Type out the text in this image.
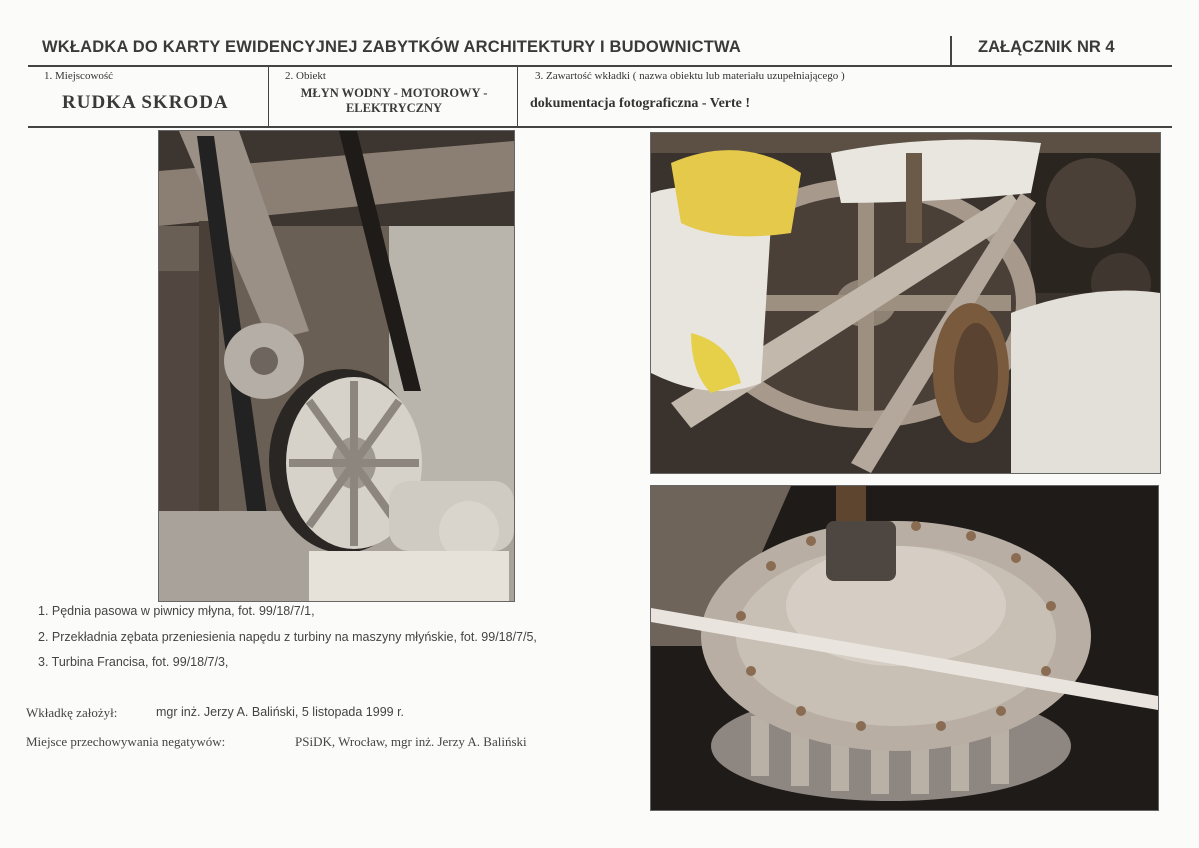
WKŁADKA DO KARTY EWIDENCYJNEJ ZABYTKÓW ARCHITEKTURY I BUDOWNICTWA	ZAŁĄCZNIK NR 4
1. Miejscowość
RUDKA SKRODA
2. Obiekt
MŁYN WODNY - MOTOROWY -
ELEKTRYCZNY
3. Zawartość wkładki ( nazwa obiektu lub materiału uzupełniającego )
dokumentacja fotograficzna - Verte !
1. Pędnia pasowa w piwnicy młyna, fot. 99/18/7/1,
2. Przekładnia zębata przeniesienia napędu z turbiny na maszyny młyńskie, fot. 99/18/7/5,
3. Turbina Francisa, fot. 99/18/7/3,
Wkładkę założył:	mgr inż. Jerzy A. Baliński, 5 listopada 1999 r.
Miejsce przechowywania negatywów:	PSiDK, Wrocław, mgr inż. Jerzy A. Baliński
